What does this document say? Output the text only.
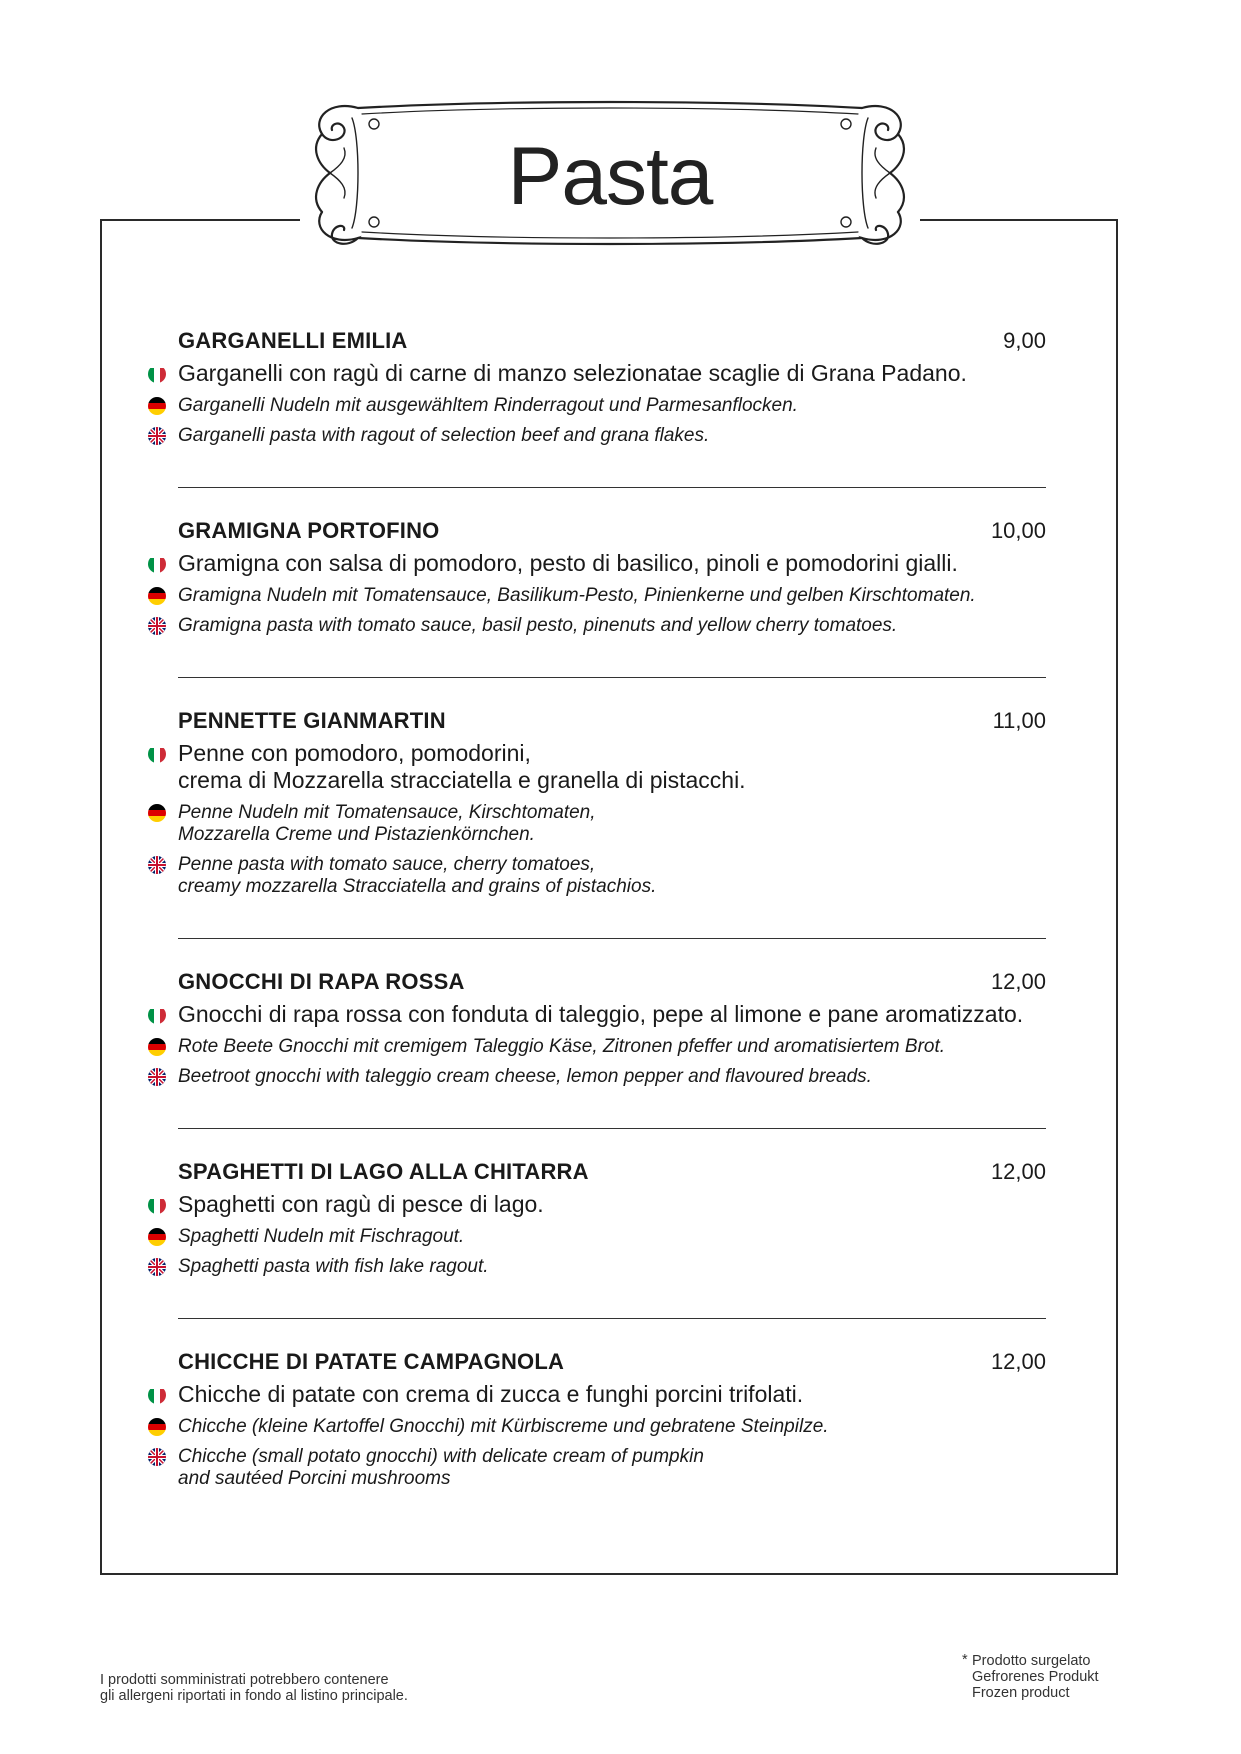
Pasta
GARGANELLI EMILIA	9,00
Garganelli con ragù di carne di manzo selezionatae scaglie di Grana Padano.
Garganelli Nudeln mit ausgewähltem Rinderragout und Parmesanflocken.
Garganelli pasta with ragout of selection beef and grana flakes.
GRAMIGNA PORTOFINO	10,00
Gramigna con salsa di pomodoro, pesto di basilico, pinoli e pomodorini gialli.
Gramigna Nudeln mit Tomatensauce, Basilikum-Pesto, Pinienkerne und gelben Kirschtomaten.
Gramigna pasta with tomato sauce, basil pesto, pinenuts and yellow cherry tomatoes.
PENNETTE GIANMARTIN	11,00
Penne con pomodoro, pomodorini,
crema di Mozzarella stracciatella e granella di pistacchi.
Penne Nudeln mit Tomatensauce, Kirschtomaten,
Mozzarella Creme und Pistazienkörnchen.
Penne pasta with tomato sauce, cherry tomatoes,
creamy mozzarella Stracciatella and grains of pistachios.
GNOCCHI DI RAPA ROSSA	12,00
Gnocchi di rapa rossa con fonduta di taleggio, pepe al limone e pane aromatizzato.
Rote Beete Gnocchi mit cremigem Taleggio Käse, Zitronen pfeffer und aromatisiertem Brot.
Beetroot gnocchi with taleggio cream cheese, lemon pepper and flavoured breads.
SPAGHETTI DI LAGO ALLA CHITARRA	12,00
Spaghetti con ragù di pesce di lago.
Spaghetti Nudeln mit Fischragout.
Spaghetti pasta with fish lake ragout.
CHICCHE DI PATATE CAMPAGNOLA	12,00
Chicche di patate con crema di zucca e funghi porcini trifolati.
Chicche (kleine Kartoffel Gnocchi) mit Kürbiscreme und gebratene Steinpilze.
Chicche (small potato gnocchi) with delicate cream of pumpkin
and sautéed Porcini mushrooms
I prodotti somministrati potrebbero contenere
gli allergeni riportati in fondo al listino principale.
* Prodotto surgelato
Gefrorenes Produkt
Frozen product
